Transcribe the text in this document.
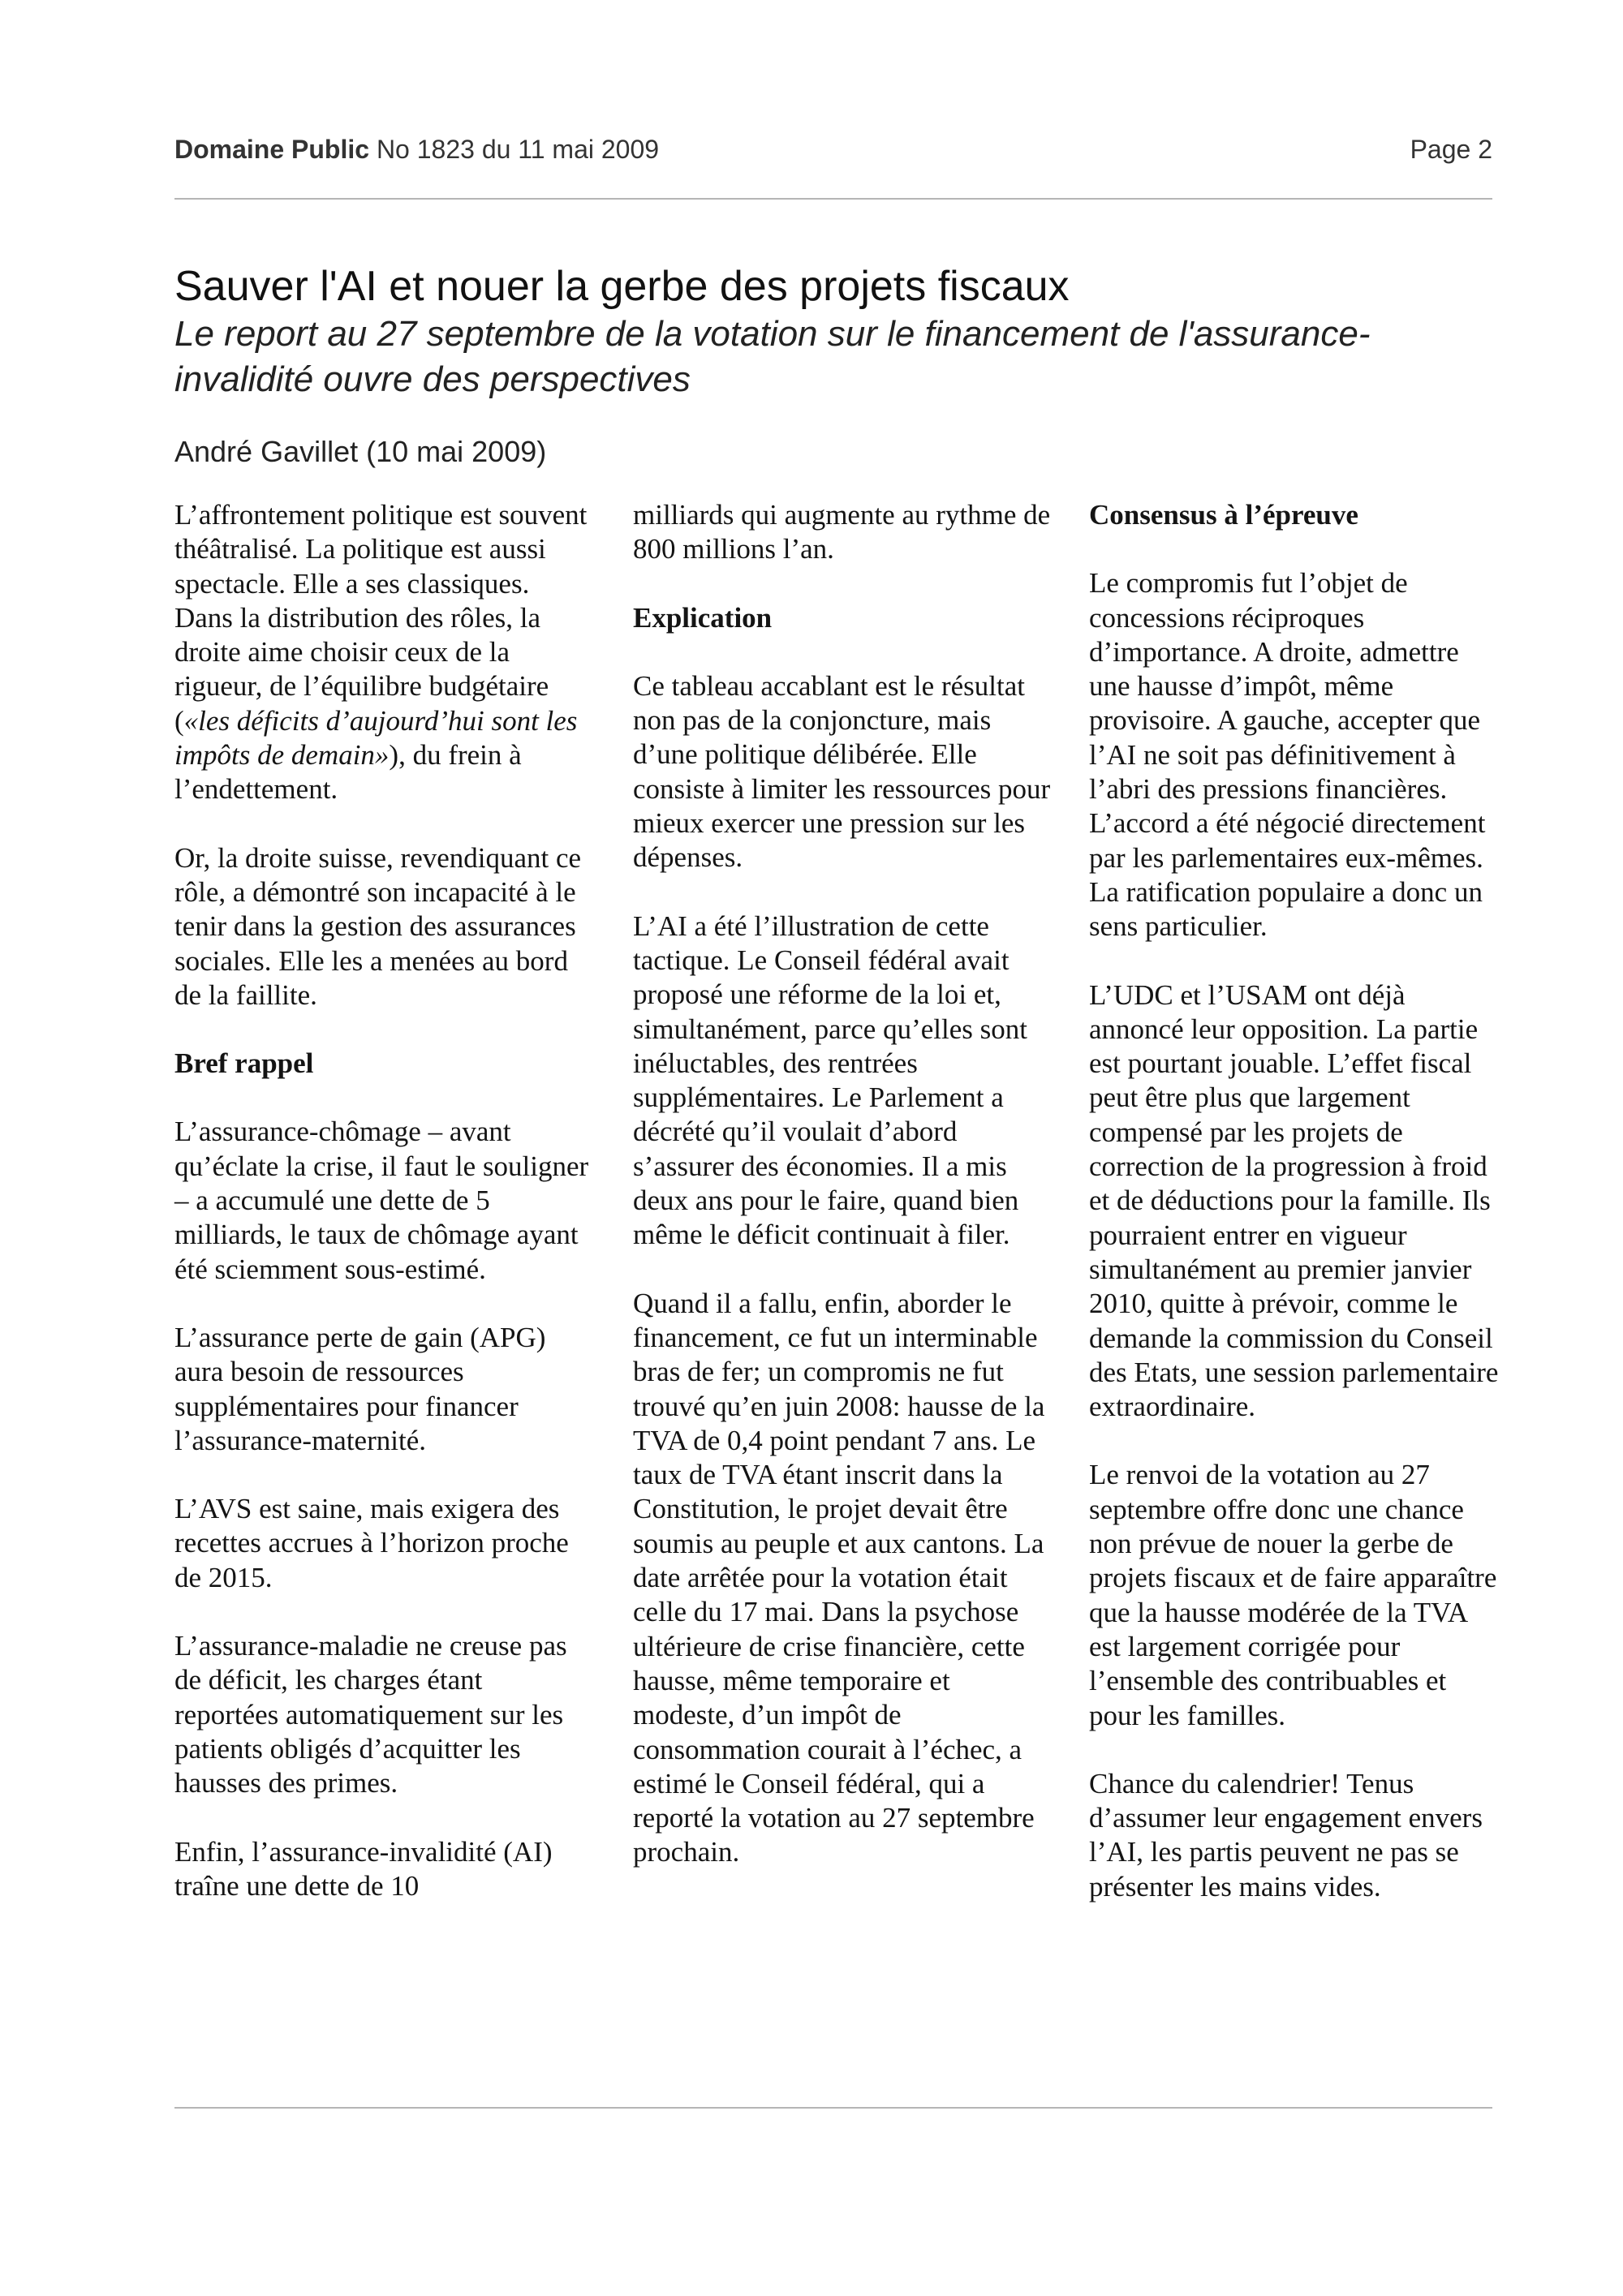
Domaine Public No 1823 du 11 mai 2009	Page 2
Sauver l'AI et nouer la gerbe des projets fiscaux

Le report au 27 septembre de la votation sur le financement de l'assurance-invalidité ouvre des perspectives

André Gavillet (10 mai 2009)

L’affrontement politique est souvent théâtralisé. La politique est aussi spectacle. Elle a ses classiques. Dans la distribution des rôles, la droite aime choisir ceux de la rigueur, de l’équilibre budgétaire («les déficits d’aujourd’hui sont les impôts de demain»), du frein à l’endettement.

Or, la droite suisse, revendiquant ce rôle, a démontré son incapacité à le tenir dans la gestion des assurances sociales. Elle les a menées au bord de la faillite.

Bref rappel

L’assurance-chômage – avant qu’éclate la crise, il faut le souligner – a accumulé une dette de 5 milliards, le taux de chômage ayant été sciemment sous-estimé.

L’assurance perte de gain (APG) aura besoin de ressources supplémentaires pour financer l’assurance-maternité.

L’AVS est saine, mais exigera des recettes accrues à l’horizon proche de 2015.

L’assurance-maladie ne creuse pas de déficit, les charges étant reportées automatiquement sur les patients obligés d’acquitter les hausses des primes.

Enfin, l’assurance-invalidité (AI) traîne une dette de 10

milliards qui augmente au rythme de 800 millions l’an.

Explication

Ce tableau accablant est le résultat non pas de la conjoncture, mais d’une politique délibérée. Elle consiste à limiter les ressources pour mieux exercer une pression sur les dépenses.

L’AI a été l’illustration de cette tactique. Le Conseil fédéral avait proposé une réforme de la loi et, simultanément, parce qu’elles sont inéluctables, des rentrées supplémentaires. Le Parlement a décrété qu’il voulait d’abord s’assurer des économies. Il a mis deux ans pour le faire, quand bien même le déficit continuait à filer.

Quand il a fallu, enfin, aborder le financement, ce fut un interminable bras de fer; un compromis ne fut trouvé qu’en juin 2008: hausse de la TVA de 0,4 point pendant 7 ans. Le taux de TVA étant inscrit dans la Constitution, le projet devait être soumis au peuple et aux cantons. La date arrêtée pour la votation était celle du 17 mai. Dans la psychose ultérieure de crise financière, cette hausse, même temporaire et modeste, d’un impôt de consommation courait à l’échec, a estimé le Conseil fédéral, qui a reporté la votation au 27 septembre prochain.

Consensus à l’épreuve

Le compromis fut l’objet de concessions réciproques d’importance. A droite, admettre une hausse d’impôt, même provisoire. A gauche, accepter que l’AI ne soit pas définitivement à l’abri des pressions financières. L’accord a été négocié directement par les parlementaires eux-mêmes. La ratification populaire a donc un sens particulier.

L’UDC et l’USAM ont déjà annoncé leur opposition. La partie est pourtant jouable. L’effet fiscal peut être plus que largement compensé par les projets de correction de la progression à froid et de déductions pour la famille. Ils pourraient entrer en vigueur simultanément au premier janvier 2010, quitte à prévoir, comme le demande la commission du Conseil des Etats, une session parlementaire extraordinaire.

Le renvoi de la votation au 27 septembre offre donc une chance non prévue de nouer la gerbe de projets fiscaux et de faire apparaître que la hausse modérée de la TVA est largement corrigée pour l’ensemble des contribuables et pour les familles.

Chance du calendrier! Tenus d’assumer leur engagement envers l’AI, les partis peuvent ne pas se présenter les mains vides.
